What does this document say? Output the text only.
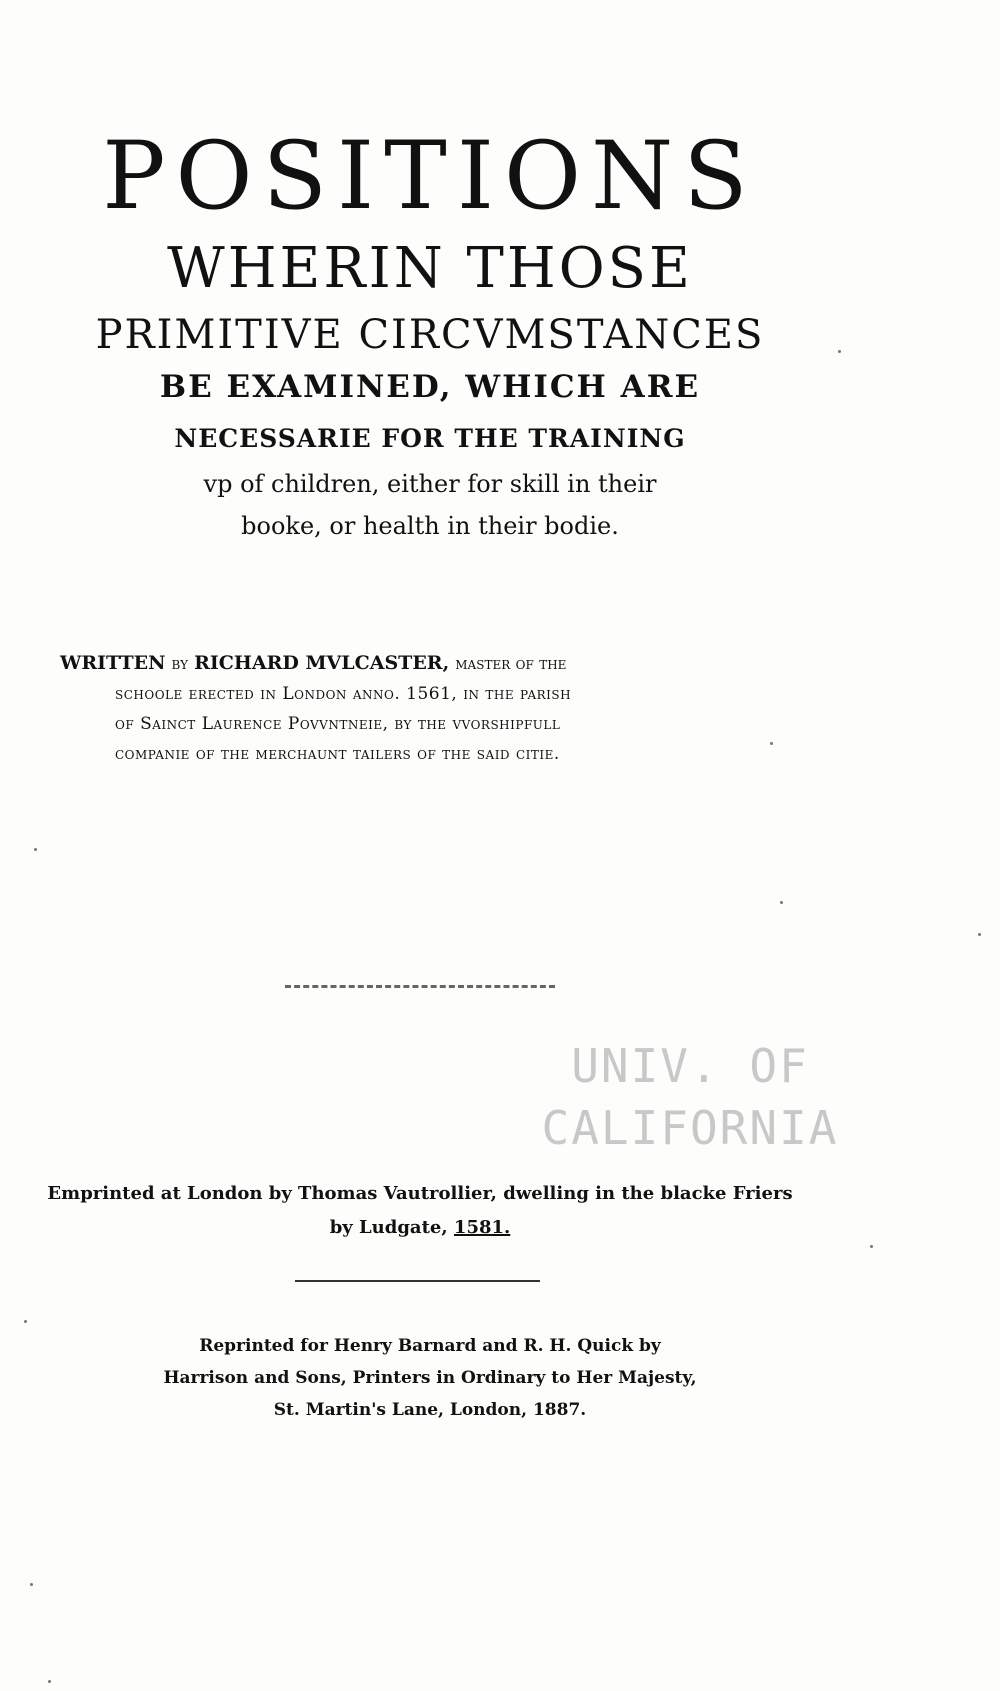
POSITIONS
WHERIN THOSE
PRIMITIVE CIRCVMSTANCES
BE EXAMINED, WHICH ARE
NECESSARIE FOR THE TRAINING
vp of children, either for skill in their
booke, or health in their bodie.
WRITTEN by RICHARD MVLCASTER, master of the
schoole erected in London anno. 1561, in the parish
of Sainct Laurence Povvntneie, by the vvorshipfull
companie of the merchaunt tailers of the said citie.
UNIV. OF
CALIFORNIA
Emprinted at London by Thomas Vautrollier, dwelling in the blacke Friers
by Ludgate, 1581.
Reprinted for Henry Barnard and R. H. Quick by
Harrison and Sons, Printers in Ordinary to Her Majesty,
St. Martin's Lane, London, 1887.
